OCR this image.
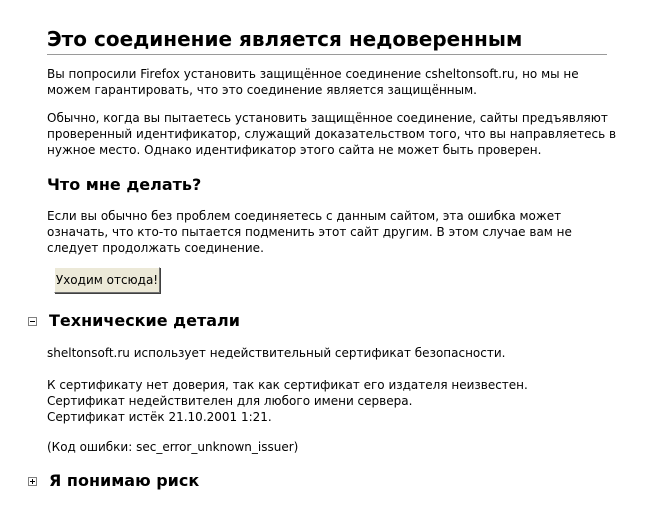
Это соединение является недоверенным

Вы попросили Firefox установить защищённое соединение сsheltonsoft.ru, но мы не можем гарантировать, что это соединение является защищённым.

Обычно, когда вы пытаетесь установить защищённое соединение, сайты предъявляют проверенный идентификатор, служащий доказательством того, что вы направляетесь в нужное место. Однако идентификатор этого сайта не может быть проверен.

Что мне делать?

Если вы обычно без проблем соединяетесь с данным сайтом, эта ошибка может означать, что кто-то пытается подменить этот сайт другим. В этом случае вам не следует продолжать соединение.

Уходим отсюда!
Технические детали

sheltonsoft.ru использует недействительный сертификат безопасности.

К сертификату нет доверия, так как сертификат его издателя неизвестен.

Сертификат недействителен для любого имени сервера.

Сертификат истёк 21.10.2001 1:21.

(Код ошибки: sec_error_unknown_issuer)

Я понимаю риск
